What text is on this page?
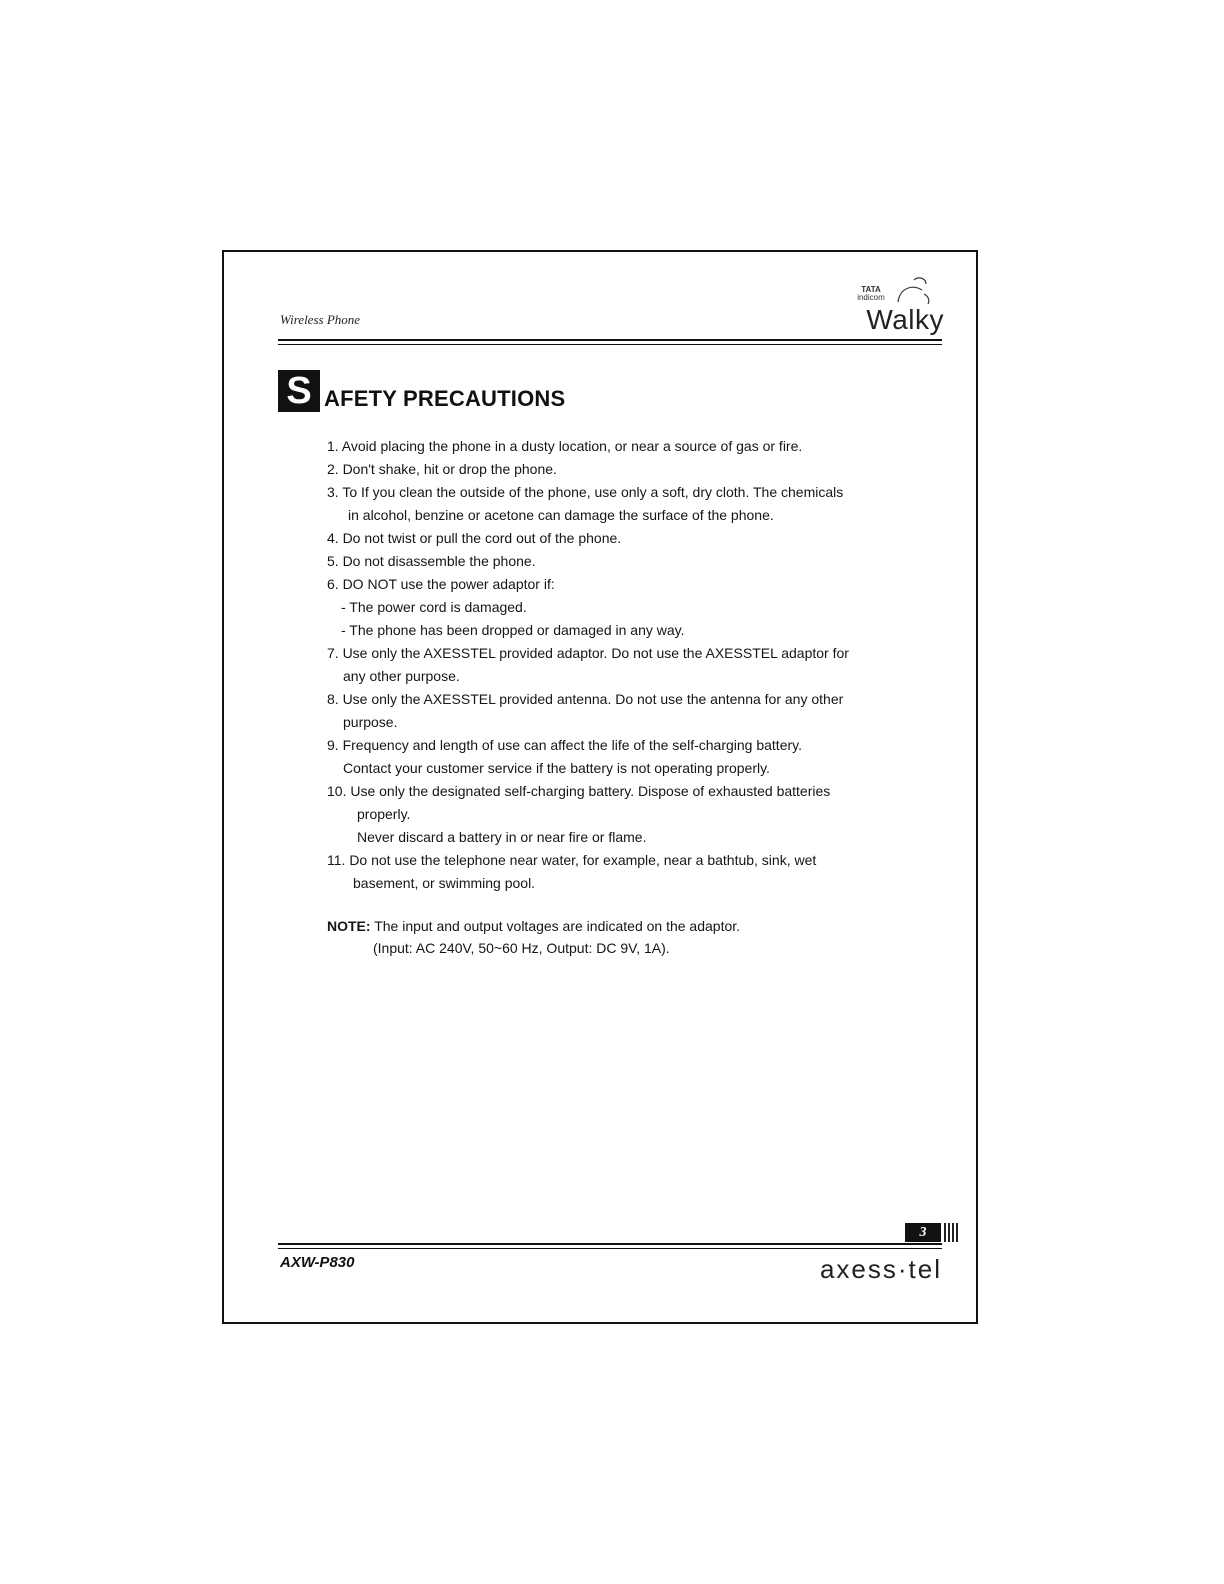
Wireless Phone
TATA
indicom
Walky
S AFETY PRECAUTIONS
1. Avoid placing the phone in a dusty location, or near a source of gas or fire.
2. Don't shake, hit or drop the phone.
3. To If you clean the outside of the phone, use only a soft, dry cloth. The chemicals
in alcohol, benzine or acetone can damage the surface of the phone.
4. Do not twist or pull the cord out of the phone.
5. Do not disassemble the phone.
6. DO NOT use the power adaptor if:
- The power cord is damaged.
- The phone has been dropped or damaged in any way.
7. Use only the AXESSTEL provided adaptor. Do not use the AXESSTEL adaptor for
any other purpose.
8. Use only the AXESSTEL provided antenna. Do not use the antenna for any other
purpose.
9. Frequency and length of use can affect the life of the self-charging battery.
Contact your customer service if the battery is not operating properly.
10. Use only the designated self-charging battery. Dispose of exhausted batteries
properly.
Never discard a battery in or near fire or flame.
11. Do not use the telephone near water, for example, near a bathtub, sink, wet
basement, or swimming pool.
NOTE: The input and output voltages are indicated on the adaptor.
(Input: AC 240V, 50~60 Hz, Output: DC 9V, 1A).
3
AXW-P830	axess·tel
